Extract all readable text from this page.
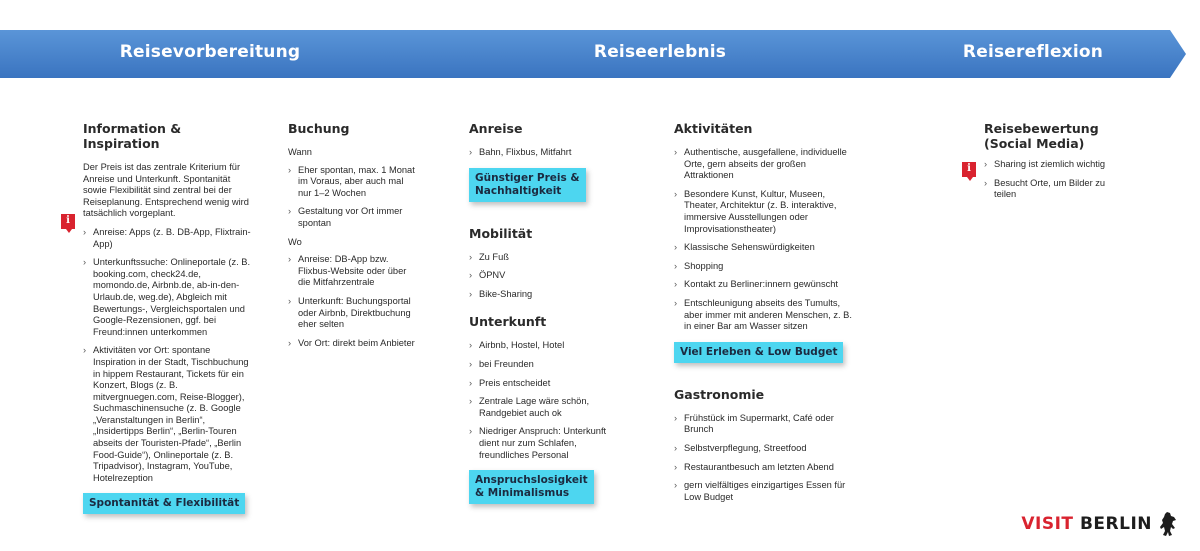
Reisevorbereitung	Reiseerlebnis	Reisereflexion
Information & Inspiration
Der Preis ist das zentrale Kriterium für Anreise und Unterkunft. Spontanität sowie Flexibilität sind zentral bei der Reiseplanung. Entsprechend wenig wird tatsächlich vorgeplant.
› Anreise: Apps (z. B. DB-App, Flixtrain-App)
› Unterkunftssuche: Onlineportale (z. B. booking.com, check24.de, momondo.de, Airbnb.de, ab-in-den-Urlaub.de, weg.de), Abgleich mit Bewertungs-, Vergleichsportalen und Google-Rezensionen, ggf. bei Freund:innen unterkommen
› Aktivitäten vor Ort: spontane Inspiration in der Stadt, Tischbuchung in hippem Restaurant, Tickets für ein Konzert, Blogs (z. B. mitvergnuegen.com, Reise-Blogger), Suchmaschinensuche (z. B. Google „Veranstaltungen in Berlin“, „Insidertipps Berlin“, „Berlin-Touren abseits der Touristen-Pfade“, „Berlin Food-Guide“), Onlineportale (z. B. Tripadvisor), Instagram, YouTube, Hotelrezeption
Spontanität & Flexibilität
i
Buchung
Wann
› Eher spontan, max. 1 Monat im Voraus, aber auch mal nur 1–2 Wochen
› Gestaltung vor Ort immer spontan
Wo
› Anreise: DB-App bzw. Flixbus-Website oder über die Mitfahrzentrale
› Unterkunft: Buchungsportal oder Airbnb, Direktbuchung eher selten
› Vor Ort: direkt beim Anbieter
Anreise
› Bahn, Flixbus, Mitfahrt
Günstiger Preis &
Nachhaltigkeit
Mobilität
› Zu Fuß
› ÖPNV
› Bike-Sharing
Unterkunft
› Airbnb, Hostel, Hotel
› bei Freunden
› Preis entscheidet
› Zentrale Lage wäre schön, Randgebiet auch ok
› Niedriger Anspruch: Unterkunft dient nur zum Schlafen, freundliches Personal
Anspruchslosigkeit
& Minimalismus
Aktivitäten
› Authentische, ausgefallene, individuelle Orte, gern abseits der großen Attraktionen
› Besondere Kunst, Kultur, Museen, Theater, Architektur (z. B. interaktive, immersive Ausstellungen oder Improvisationstheater)
› Klassische Sehenswürdigkeiten
› Shopping
› Kontakt zu Berliner:innern gewünscht
› Entschleunigung abseits des Tumults, aber immer mit anderen Menschen, z. B. in einer Bar am Wasser sitzen
Viel Erleben & Low Budget
Gastronomie
› Frühstück im Supermarkt, Café oder Brunch
› Selbstverpflegung, Streetfood
› Restaurantbesuch am letzten Abend
› gern vielfältiges einzigartiges Essen für Low Budget
Reisebewertung
(Social Media)
› Sharing ist ziemlich wichtig
› Besucht Orte, um Bilder zu teilen
i
VISIT BERLIN
